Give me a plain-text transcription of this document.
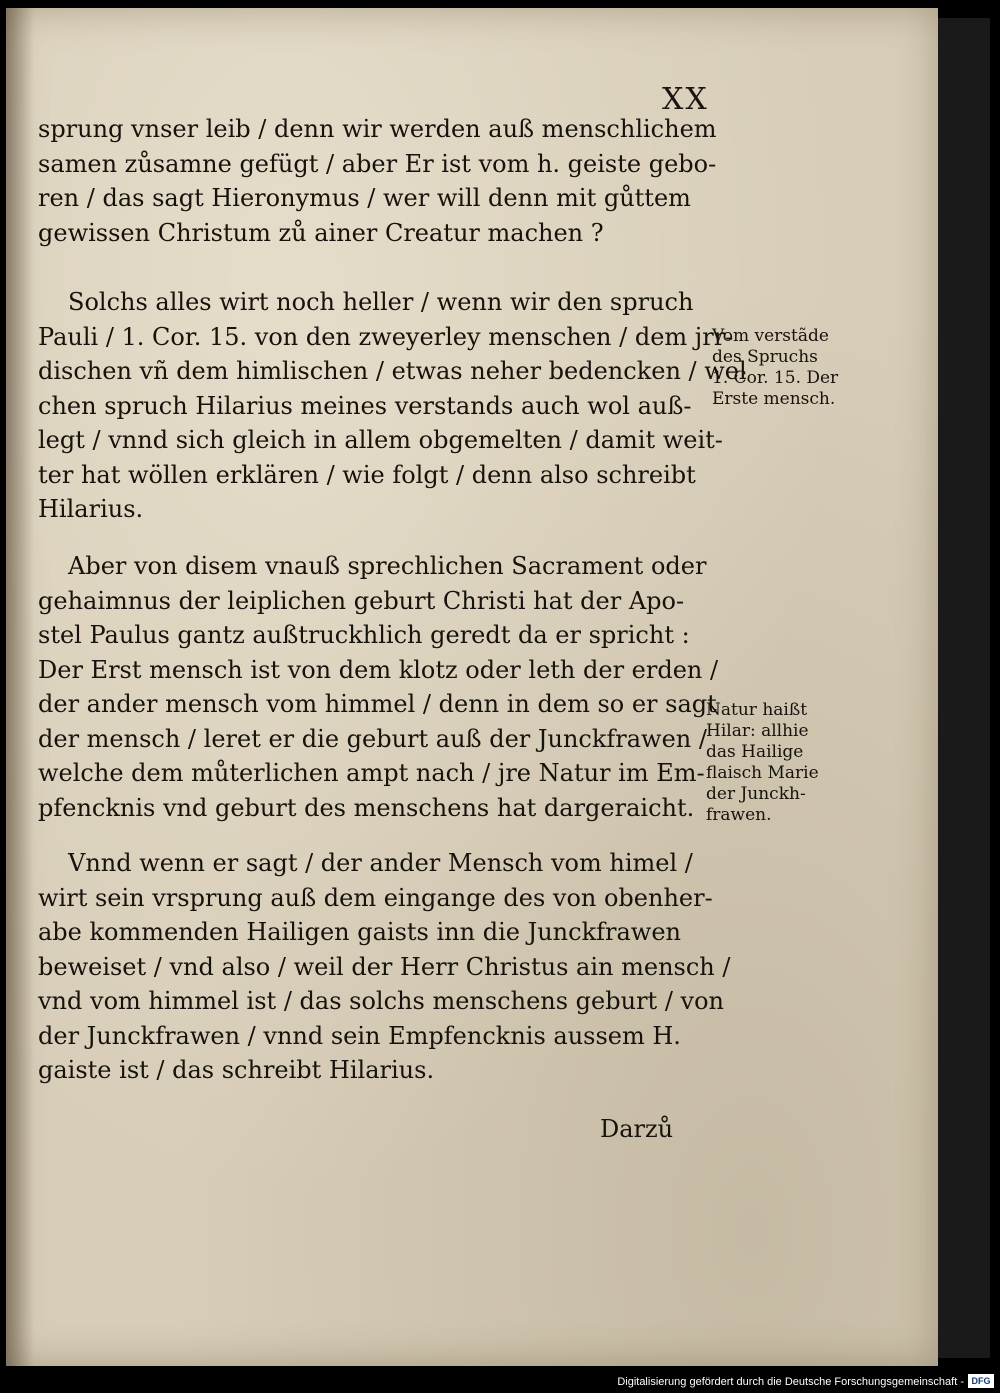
XX
sprung vnser leib / denn wir werden auß menschlichem
samen zůsamne gefügt / aber Er ist vom h. geiste gebo-
ren / das sagt Hieronymus / wer will denn mit gůttem
gewissen Christum zů ainer Creatur machen ?
Solchs alles wirt noch heller / wenn wir den spruch
Pauli / 1. Cor. 15. von den zweyerley menschen / dem jrr-
dischen vñ dem himlischen / etwas neher bedencken / wel
chen spruch Hilarius meines verstands auch wol auß-
legt / vnnd sich gleich in allem obgemelten / damit weit-
ter hat wöllen erklären / wie folgt / denn also schreibt
Hilarius.
Vom verstãde
des Spruchs
1. Cor. 15. Der
Erste mensch.
Aber von disem vnauß sprechlichen Sacrament oder
gehaimnus der leiplichen geburt Christi hat der Apo-
stel Paulus gantz außtruckhlich geredt da er spricht :
Der Erst mensch ist von dem klotz oder leth der erden /
der ander mensch vom himmel / denn in dem so er sagt
der mensch / leret er die geburt auß der Junckfrawen /
welche dem můterlichen ampt nach / jre Natur im Em-
pfencknis vnd geburt des menschens hat dargeraicht.
Natur haißt
Hilar: allhie
das Hailige
flaisch Marie
der Junckh-
frawen.
Vnnd wenn er sagt / der ander Mensch vom himel /
wirt sein vrsprung auß dem eingange des von obenher-
abe kommenden Hailigen gaists inn die Junckfrawen
beweiset / vnd also / weil der Herr Christus ain mensch /
vnd vom himmel ist / das solchs menschens geburt / von
der Junckfrawen / vnnd sein Empfencknis aussem H.
gaiste ist / das schreibt Hilarius.
Darzů
Digitalisierung gefördert durch die Deutsche Forschungsgemeinschaft - DFG
